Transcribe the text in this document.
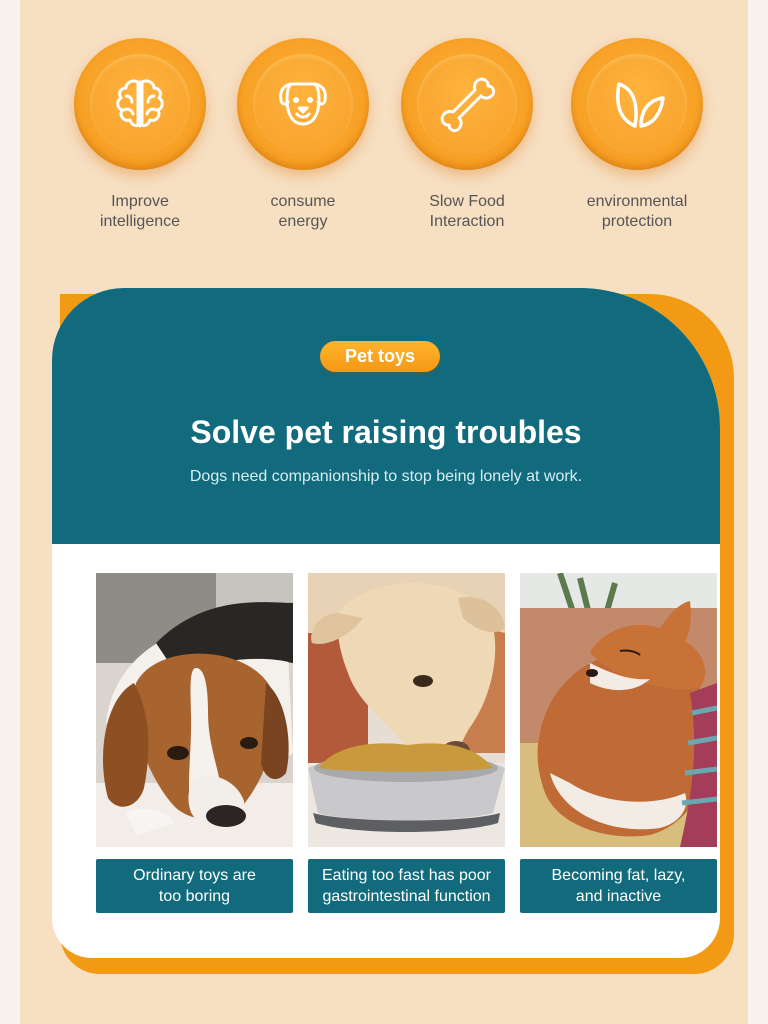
Improve
intelligence
consume
energy
Slow Food
Interaction
environmental
protection
Pet toys
Solve pet raising troubles
Dogs need companionship to stop being lonely at work.
Ordinary toys are
too boring
Eating too fast has poor
gastrointestinal function
Becoming fat, lazy,
and inactive
